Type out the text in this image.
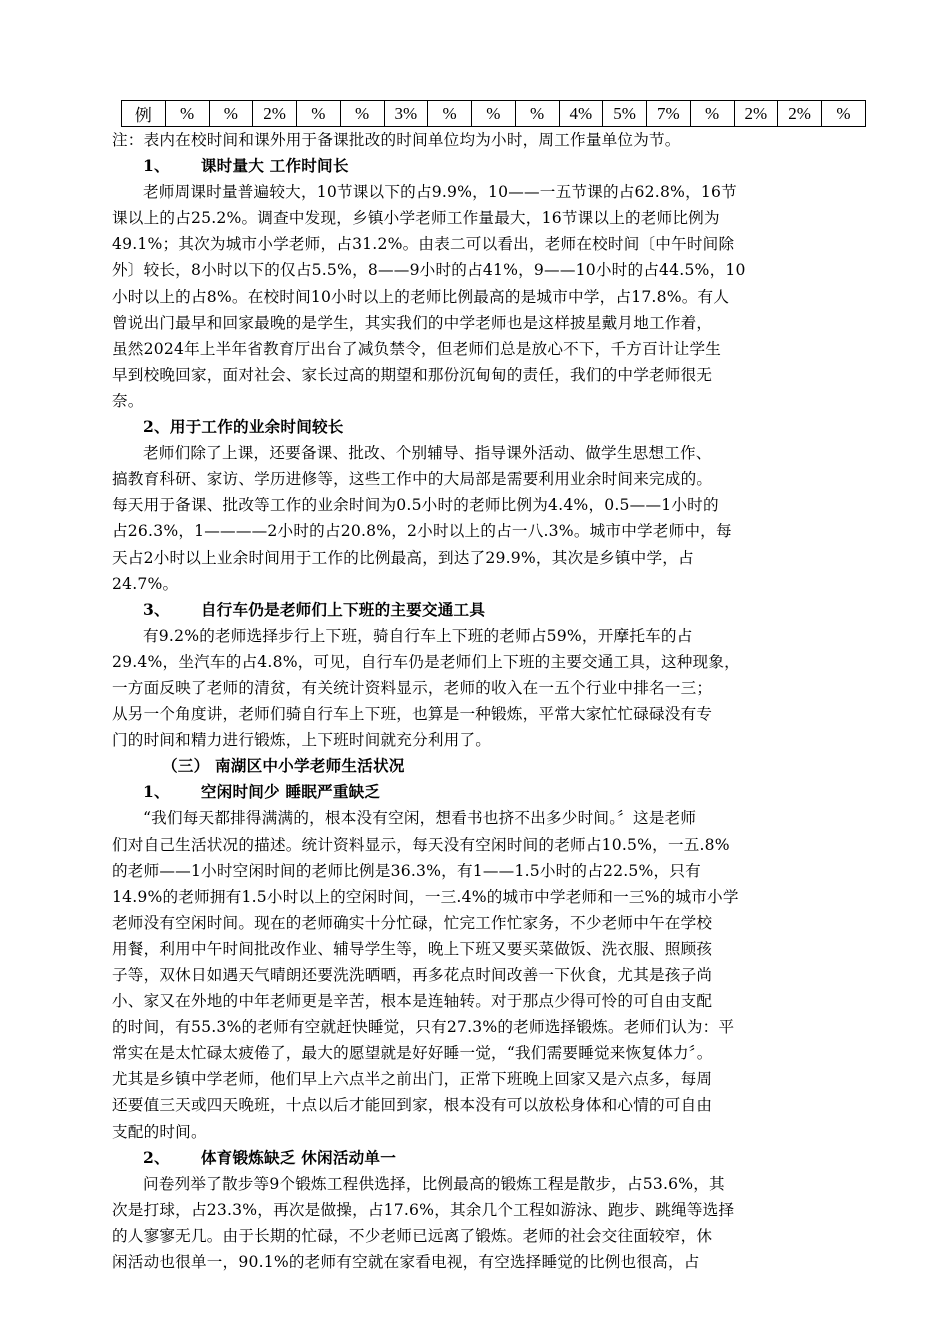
例	%	%	2%	%	%	3%	%	%	%	4%	5%	7%	%	2%	2%	%
注：表内在校时间和课外用于备课批改的时间单位均为小时，周工作量单位为节。
1、 课时量大 工作时间长
老师周课时量普遍较大，10节课以下的占9.9%，10——一五节课的占62.8%，16节
课以上的占25.2%。调查中发现，乡镇小学老师工作量最大，16节课以上的老师比例为
49.1%；其次为城市小学老师，占31.2%。由表二可以看出，老师在校时间〔中午时间除
外〕较长，8小时以下的仅占5.5%，8——9小时的占41%，9——10小时的占44.5%，10
小时以上的占8%。在校时间10小时以上的老师比例最高的是城市中学，占17.8%。有人
曾说出门最早和回家最晚的是学生，其实我们的中学老师也是这样披星戴月地工作着，
虽然2024年上半年省教育厅出台了减负禁令，但老师们总是放心不下，千方百计让学生
早到校晚回家，面对社会、家长过高的期望和那份沉甸甸的责任，我们的中学老师很无
奈。
2、用于工作的业余时间较长
老师们除了上课，还要备课、批改、个别辅导、指导课外活动、做学生思想工作、
搞教育科研、家访、学历进修等，这些工作中的大局部是需要利用业余时间来完成的。
每天用于备课、批改等工作的业余时间为0.5小时的老师比例为4.4%，0.5——1小时的
占26.3%，1————2小时的占20.8%，2小时以上的占一八.3%。城市中学老师中，每
天占2小时以上业余时间用于工作的比例最高，到达了29.9%，其次是乡镇中学，占
24.7%。
3、 自行车仍是老师们上下班的主要交通工具
有9.2%的老师选择步行上下班，骑自行车上下班的老师占59%，开摩托车的占
29.4%，坐汽车的占4.8%，可见，自行车仍是老师们上下班的主要交通工具，这种现象，
一方面反映了老师的清贫，有关统计资料显示，老师的收入在一五个行业中排名一三；
从另一个角度讲，老师们骑自行车上下班，也算是一种锻炼，平常大家忙忙碌碌没有专
门的时间和精力进行锻炼，上下班时间就充分利用了。
（三） 南湖区中小学老师生活状况
1、 空闲时间少 睡眠严重缺乏
“我们每天都排得满满的，根本没有空闲，想看书也挤不出多少时间。〞这是老师
们对自己生活状况的描述。统计资料显示，每天没有空闲时间的老师占10.5%，一五.8%
的老师——1小时空闲时间的老师比例是36.3%，有1——1.5小时的占22.5%，只有
14.9%的老师拥有1.5小时以上的空闲时间，一三.4%的城市中学老师和一三%的城市小学
老师没有空闲时间。现在的老师确实十分忙碌，忙完工作忙家务，不少老师中午在学校
用餐，利用中午时间批改作业、辅导学生等，晚上下班又要买菜做饭、洗衣服、照顾孩
子等，双休日如遇天气晴朗还要洗洗晒晒，再多花点时间改善一下伙食，尤其是孩子尚
小、家又在外地的中年老师更是辛苦，根本是连轴转。对于那点少得可怜的可自由支配
的时间，有55.3%的老师有空就赶快睡觉，只有27.3%的老师选择锻炼。老师们认为：平
常实在是太忙碌太疲倦了，最大的愿望就是好好睡一觉，“我们需要睡觉来恢复体力〞。
尤其是乡镇中学老师，他们早上六点半之前出门，正常下班晚上回家又是六点多，每周
还要值三天或四天晚班，十点以后才能回到家，根本没有可以放松身体和心情的可自由
支配的时间。
2、 体育锻炼缺乏 休闲活动单一
问卷列举了散步等9个锻炼工程供选择，比例最高的锻炼工程是散步，占53.6%，其
次是打球，占23.3%，再次是做操，占17.6%，其余几个工程如游泳、跑步、跳绳等选择
的人寥寥无几。由于长期的忙碌，不少老师已远离了锻炼。老师的社会交往面较窄，休
闲活动也很单一，90.1%的老师有空就在家看电视，有空选择睡觉的比例也很高，占
